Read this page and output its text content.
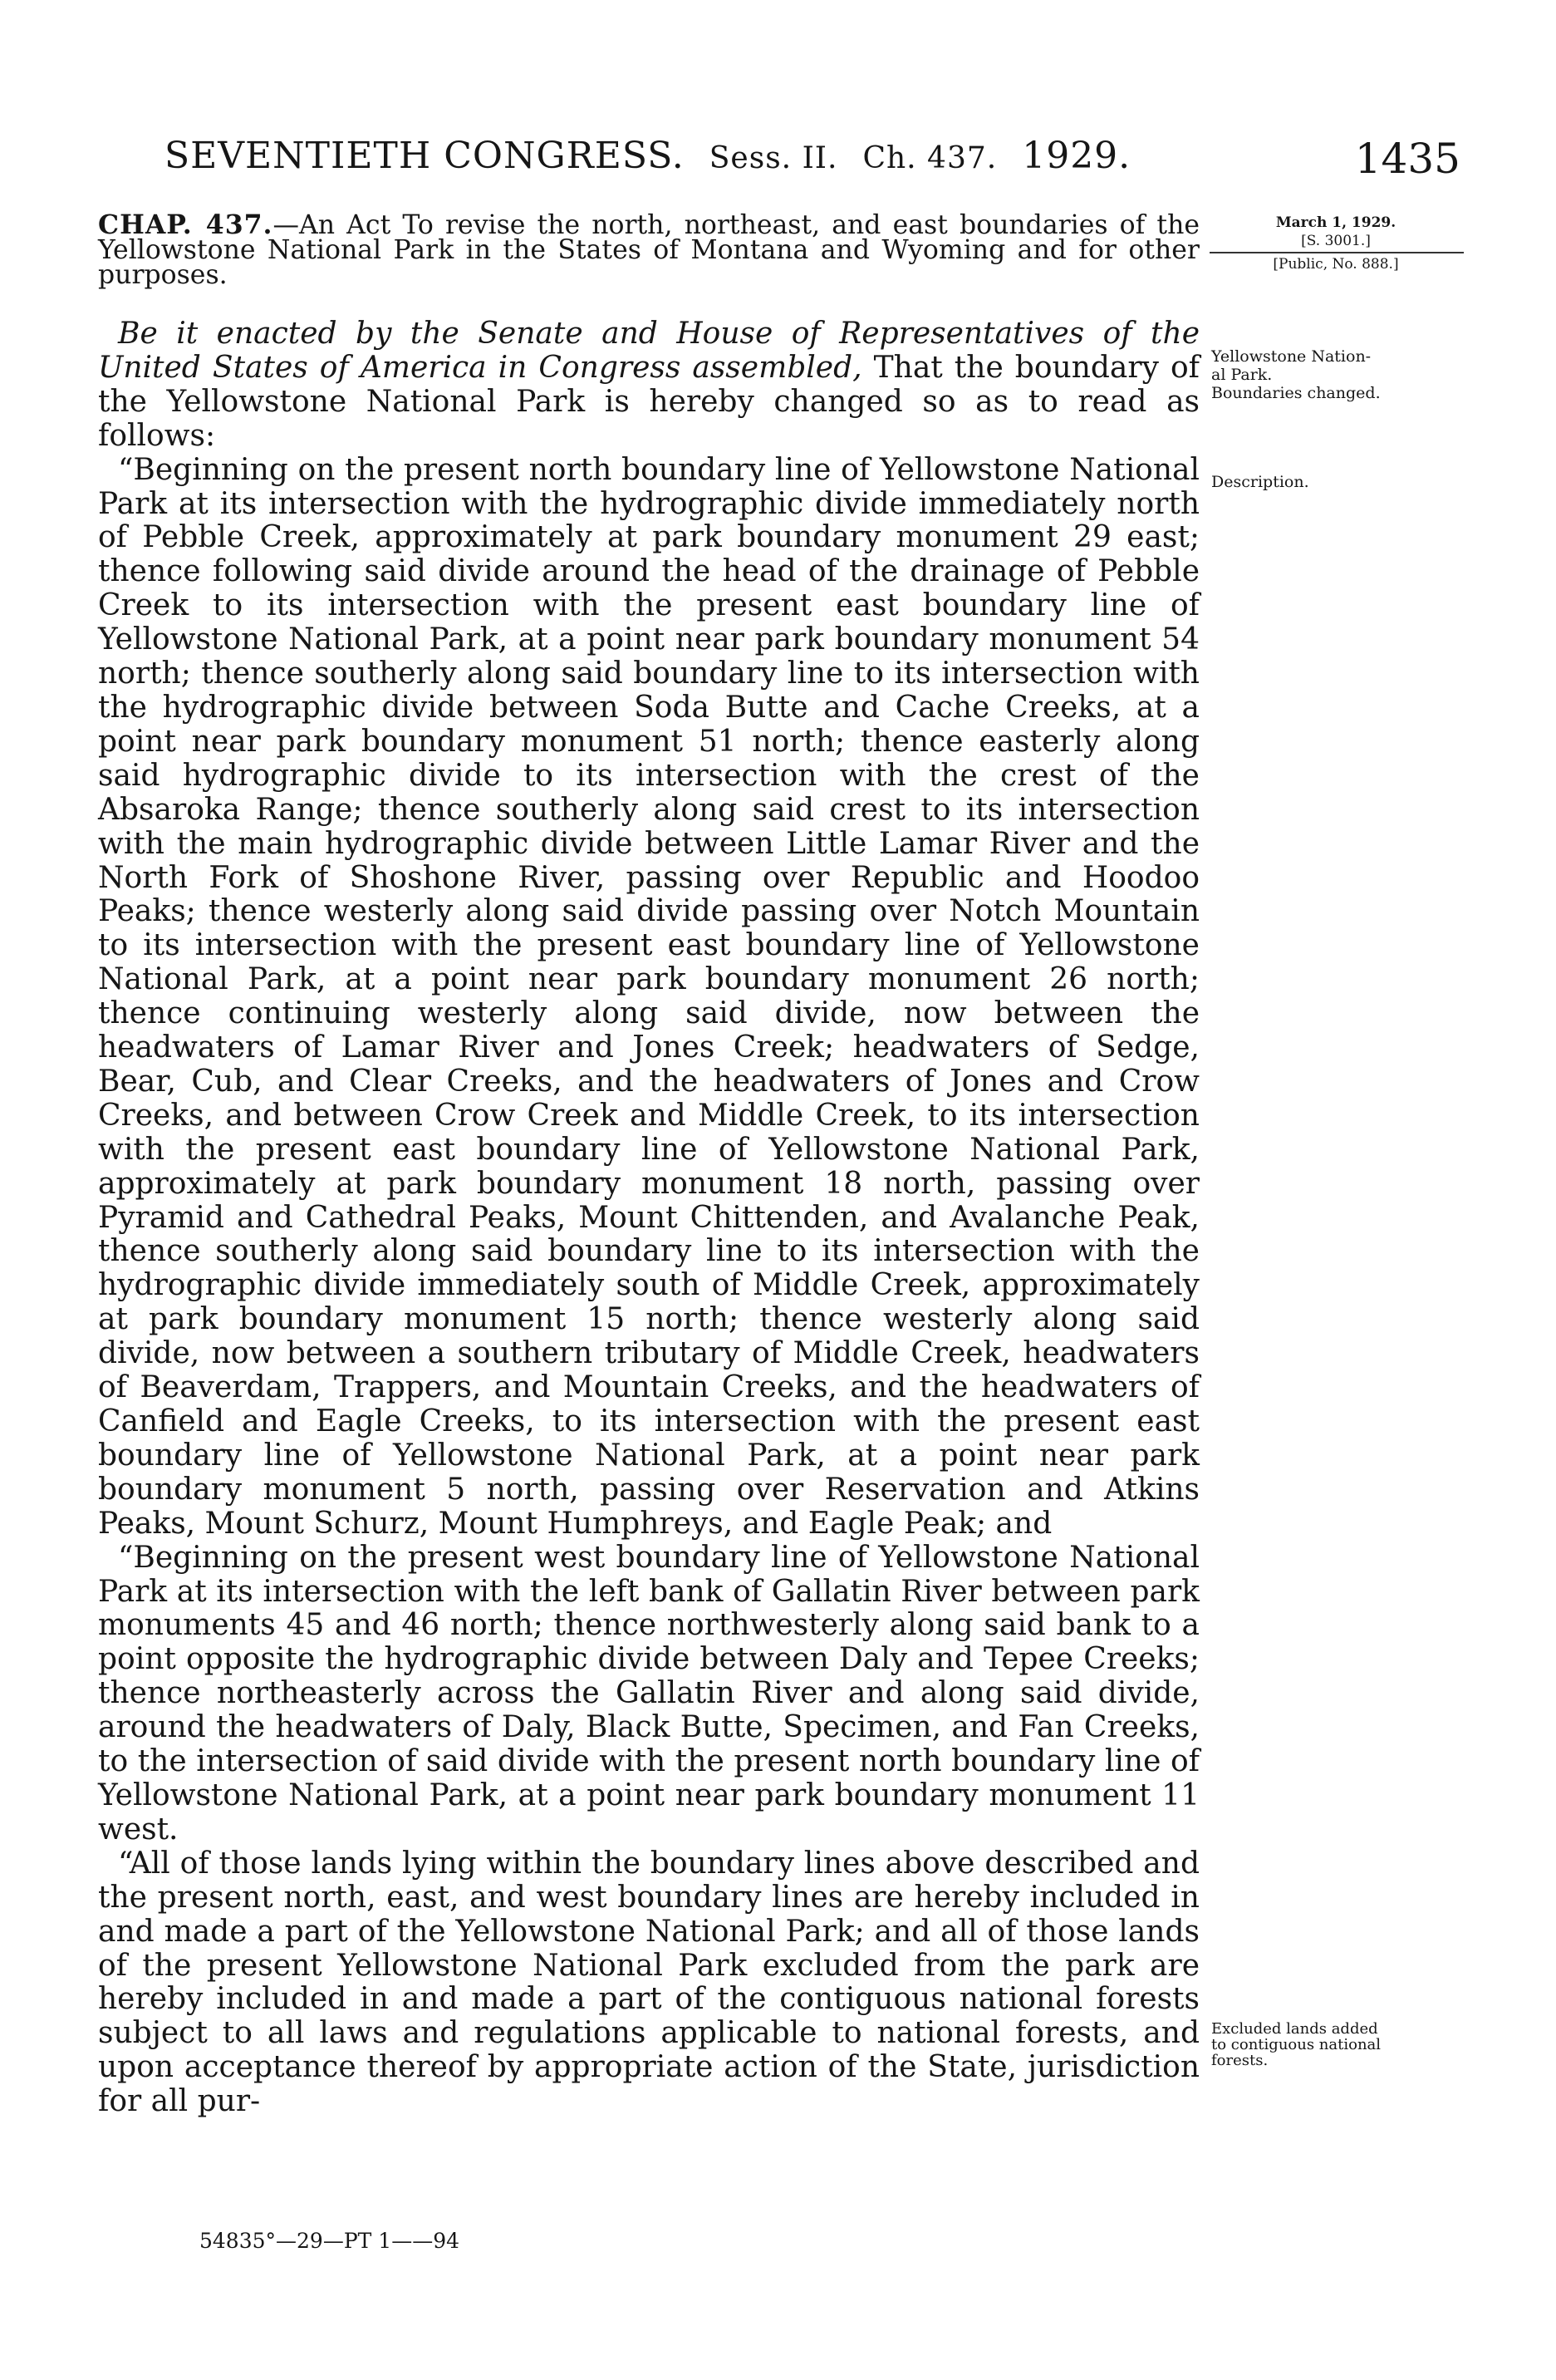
SEVENTIETH CONGRESS. Sess. II. Ch. 437. 1929.	1435
March 1, 1929.
[S. 3001.]
[Public, No. 888.]
Yellowstone Nation-
al Park.
Boundaries changed.
Description.
Excluded lands added
to contiguous national
forests.

CHAP. 437.—An Act To revise the north, northeast, and east boundaries of the Yellowstone National Park in the States of Montana and Wyoming and for other purposes.

Be it enacted by the Senate and House of Representatives of the United States of America in Congress assembled, That the boundary of the Yellowstone National Park is hereby changed so as to read as follows:

“Beginning on the present north boundary line of Yellowstone National Park at its intersection with the hydrographic divide immediately north of Pebble Creek, approximately at park boundary monument 29 east; thence following said divide around the head of the drainage of Pebble Creek to its intersection with the present east boundary line of Yellowstone National Park, at a point near park boundary monument 54 north; thence southerly along said boundary line to its intersection with the hydrographic divide between Soda Butte and Cache Creeks, at a point near park boundary monument 51 north; thence easterly along said hydrographic divide to its intersection with the crest of the Absaroka Range; thence southerly along said crest to its intersection with the main hydrographic divide between Little Lamar River and the North Fork of Shoshone River, passing over Republic and Hoodoo Peaks; thence westerly along said divide passing over Notch Mountain to its intersection with the present east boundary line of Yellowstone National Park, at a point near park boundary monument 26 north; thence continuing westerly along said divide, now between the headwaters of Lamar River and Jones Creek; headwaters of Sedge, Bear, Cub, and Clear Creeks, and the headwaters of Jones and Crow Creeks, and between Crow Creek and Middle Creek, to its intersection with the present east boundary line of Yellowstone National Park, approximately at park boundary monument 18 north, passing over Pyramid and Cathedral Peaks, Mount Chittenden, and Avalanche Peak, thence southerly along said boundary line to its intersection with the hydrographic divide immediately south of Middle Creek, approximately at park boundary monument 15 north; thence westerly along said divide, now between a southern tributary of Middle Creek, headwaters of Beaverdam, Trappers, and Mountain Creeks, and the headwaters of Canfield and Eagle Creeks, to its intersection with the present east boundary line of Yellowstone National Park, at a point near park boundary monument 5 north, passing over Reservation and Atkins Peaks, Mount Schurz, Mount Humphreys, and Eagle Peak; and

“Beginning on the present west boundary line of Yellowstone National Park at its intersection with the left bank of Gallatin River between park monuments 45 and 46 north; thence northwesterly along said bank to a point opposite the hydrographic divide between Daly and Tepee Creeks; thence northeasterly across the Gallatin River and along said divide, around the headwaters of Daly, Black Butte, Specimen, and Fan Creeks, to the intersection of said divide with the present north boundary line of Yellowstone National Park, at a point near park boundary monument 11 west.

“All of those lands lying within the boundary lines above described and the present north, east, and west boundary lines are hereby included in and made a part of the Yellowstone National Park; and all of those lands of the present Yellowstone National Park excluded from the park are hereby included in and made a part of the contiguous national forests subject to all laws and regulations applicable to national forests, and upon acceptance thereof by appropriate action of the State, jurisdiction for all pur-

54835°—29—PT 1——94
